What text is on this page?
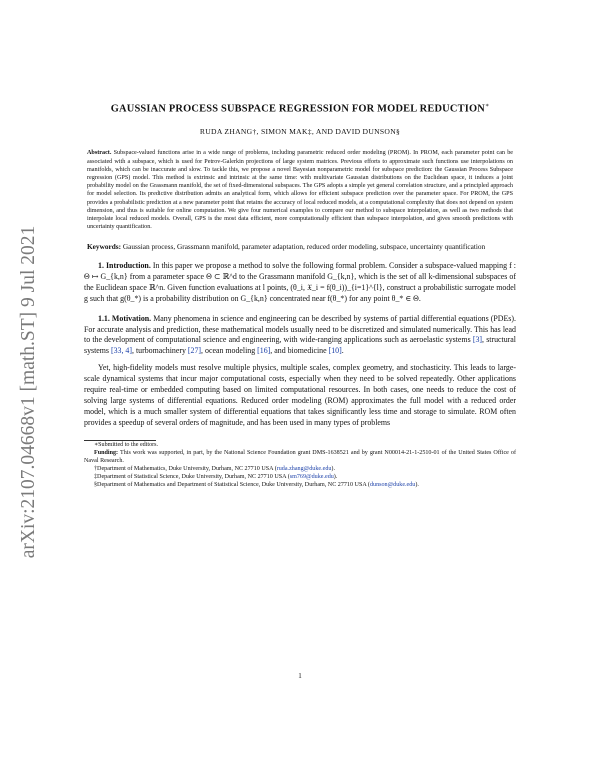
arXiv:2107.04668v1 [math.ST] 9 Jul 2021
GAUSSIAN PROCESS SUBSPACE REGRESSION FOR MODEL REDUCTION∗
RUDA ZHANG†, SIMON MAK‡, AND DAVID DUNSON§
Abstract. Subspace-valued functions arise in a wide range of problems, including parametric reduced order modeling (PROM). In PROM, each parameter point can be associated with a subspace, which is used for Petrov-Galerkin projections of large system matrices. Previous efforts to approximate such functions use interpolations on manifolds, which can be inaccurate and slow. To tackle this, we propose a novel Bayesian nonparametric model for subspace prediction: the Gaussian Process Subspace regression (GPS) model. This method is extrinsic and intrinsic at the same time: with multivariate Gaussian distributions on the Euclidean space, it induces a joint probability model on the Grassmann manifold, the set of fixed-dimensional subspaces. The GPS adopts a simple yet general correlation structure, and a principled approach for model selection. Its predictive distribution admits an analytical form, which allows for efficient subspace prediction over the parameter space. For PROM, the GPS provides a probabilistic prediction at a new parameter point that retains the accuracy of local reduced models, at a computational complexity that does not depend on system dimension, and thus is suitable for online computation. We give four numerical examples to compare our method to subspace interpolation, as well as two methods that interpolate local reduced models. Overall, GPS is the most data efficient, more computationally efficient than subspace interpolation, and gives smooth predictions with uncertainty quantification.
Keywords: Gaussian process, Grassmann manifold, parameter adaptation, reduced order modeling, subspace, uncertainty quantification
1. Introduction. In this paper we propose a method to solve the following formal problem. Consider a subspace-valued mapping f : Θ ↦ G_{k,n} from a parameter space Θ ⊂ ℝ^d to the Grassmann manifold G_{k,n}, which is the set of all k-dimensional subspaces of the Euclidean space ℝ^n. Given function evaluations at l points, (θ_i, 𝔛_i = f(θ_i))_{i=1}^{l}, construct a probabilistic surrogate model g such that g(θ_*) is a probability distribution on G_{k,n} concentrated near f(θ_*) for any point θ_* ∈ Θ.
1.1. Motivation. Many phenomena in science and engineering can be described by systems of partial differential equations (PDEs). For accurate analysis and prediction, these mathematical models usually need to be discretized and simulated numerically. This has lead to the development of computational science and engineering, with wide-ranging applications such as aeroelastic systems [3], structural systems [33, 4], turbomachinery [27], ocean modeling [16], and biomedicine [10].
Yet, high-fidelity models must resolve multiple physics, multiple scales, complex geometry, and stochasticity. This leads to large-scale dynamical systems that incur major computational costs, especially when they need to be solved repeatedly. Other applications require real-time or embedded computing based on limited computational resources. In both cases, one needs to reduce the cost of solving large systems of differential equations. Reduced order modeling (ROM) approximates the full model with a reduced order model, which is a much smaller system of differential equations that takes significantly less time and storage to simulate. ROM often provides a speedup of several orders of magnitude, and has been used in many types of problems

∗Submitted to the editors.

Funding: This work was supported, in part, by the National Science Foundation grant DMS-1638521 and by grant N00014-21-1-2510-01 of the United States Office of Naval Research.

†Department of Mathematics, Duke University, Durham, NC 27710 USA (ruda.zhang@duke.edu).

‡Department of Statistical Science, Duke University, Durham, NC 27710 USA (sm769@duke.edu).

§Department of Mathematics and Department of Statistical Science, Duke University, Durham, NC 27710 USA (dunson@duke.edu).

1
